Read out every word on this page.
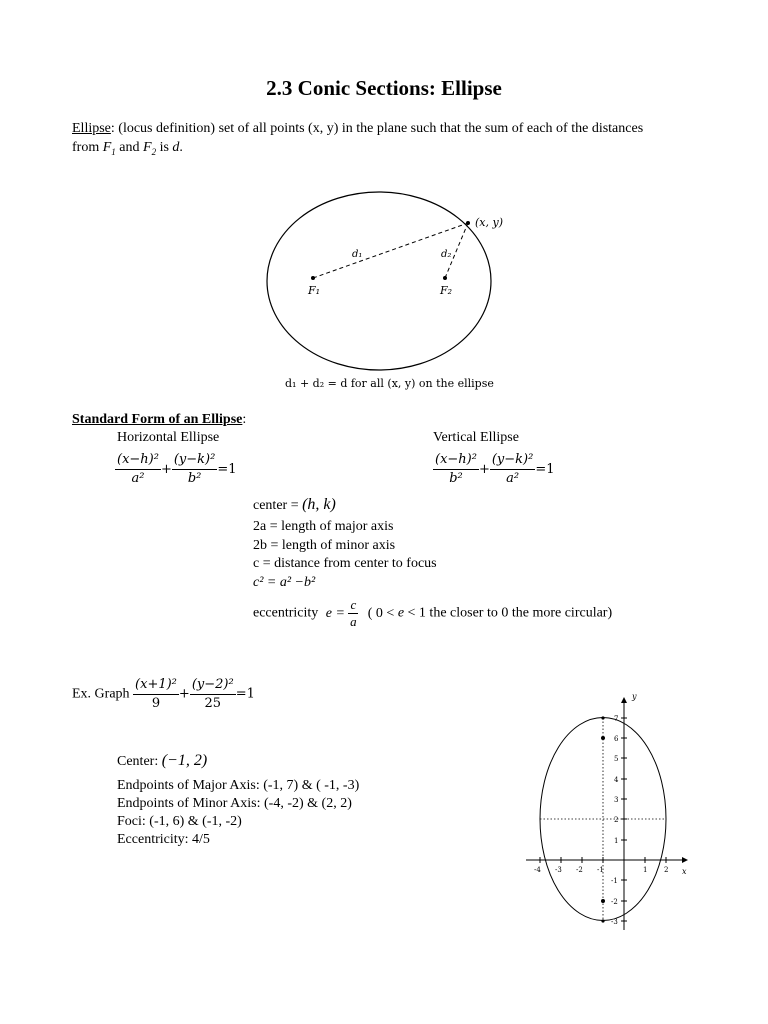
2.3 Conic Sections: Ellipse
Ellipse: (locus definition) set of all points (x, y) in the plane such that the sum of each of the distances
from $F_1$ and $F_2$ is d.
(x, y)
d₁	d₂
F₁	F₂
d₁ + d₂ = d for all (x, y) on the ellipse
Standard Form of an Ellipse:
Horizontal Ellipse	Vertical Ellipse
$\frac{\text{(x−h)²}}{\text{a²}} + \frac{\text{(y−k)²}}{\text{b²}} =1$	$\frac{\text{(x−h)²}}{\text{b²}} + \frac{\text{(y−k)²}}{\text{a²}} =1$
center = (h, k)
2a = length of major axis
2b = length of minor axis
c = distance from center to focus
c² = a² −b²
eccentricity $e = \frac{c}{a}$ ( 0 < e < 1 the closer to 0 the more circular)
Ex. Graph $\frac{\text{(x+1)²}}{9} + \frac{\text{(y−2)²}}{25} =1$
Center: (−1, 2)
Endpoints of Major Axis: (-1, 7) & ( -1, -3)
Endpoints of Minor Axis: (-4, -2) & (2, 2)
Foci: (-1, 6) & (-1, -2)
Eccentricity: 4/5
x
y
-4 -3 -2 -1	1 2
7
6
5
4
3
2
1
-1
-2
-3
